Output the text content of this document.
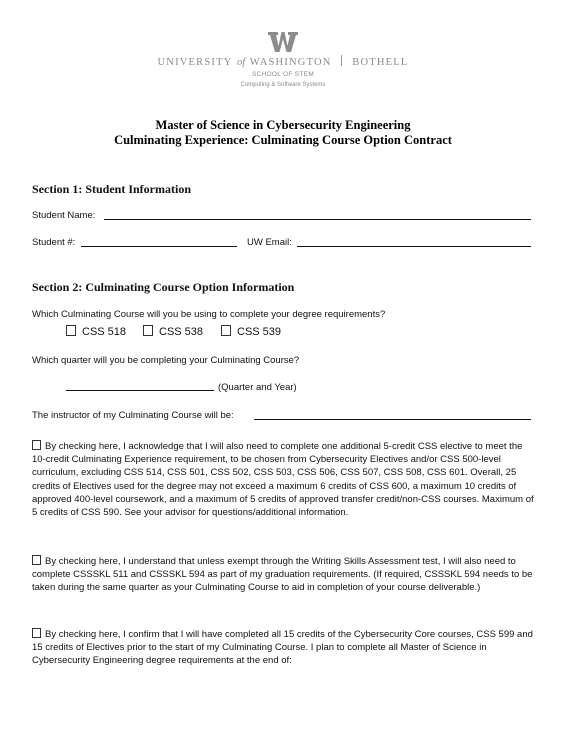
UNIVERSITY of WASHINGTON BOTHELL
SCHOOL OF STEM
Computing & Software Systems
Master of Science in Cybersecurity Engineering
Culminating Experience: Culminating Course Option Contract
Section 1: Student Information
Student Name:
Student #:	UW Email:
Section 2: Culminating Course Option Information
Which Culminating Course will you be using to complete your degree requirements?
CSS 518	CSS 538	CSS 539
Which quarter will you be completing your Culminating Course?
(Quarter and Year)
The instructor of my Culminating Course will be:
By checking here, I acknowledge that I will also need to complete one additional 5-credit CSS elective to meet the 10-credit Culminating Experience requirement, to be chosen from Cybersecurity Electives and/or CSS 500-level curriculum, excluding CSS 514, CSS 501, CSS 502, CSS 503, CSS 506, CSS 507, CSS 508, CSS 601. Overall, 25 credits of Electives used for the degree may not exceed a maximum 6 credits of CSS 600, a maximum 10 credits of approved 400-level coursework, and a maximum of 5 credits of approved transfer credit/non-CSS courses. Maximum of 5 credits of CSS 590. See your advisor for questions/additional information.
By checking here, I understand that unless exempt through the Writing Skills Assessment test, I will also need to complete CSSSKL 511 and CSSSKL 594 as part of my graduation requirements. (If required, CSSSKL 594 needs to be taken during the same quarter as your Culminating Course to aid in completion of your course deliverable.)
By checking here, I confirm that I will have completed all 15 credits of the Cybersecurity Core courses, CSS 599 and 15 credits of Electives prior to the start of my Culminating Course. I plan to complete all Master of Science in Cybersecurity Engineering degree requirements at the end of:
